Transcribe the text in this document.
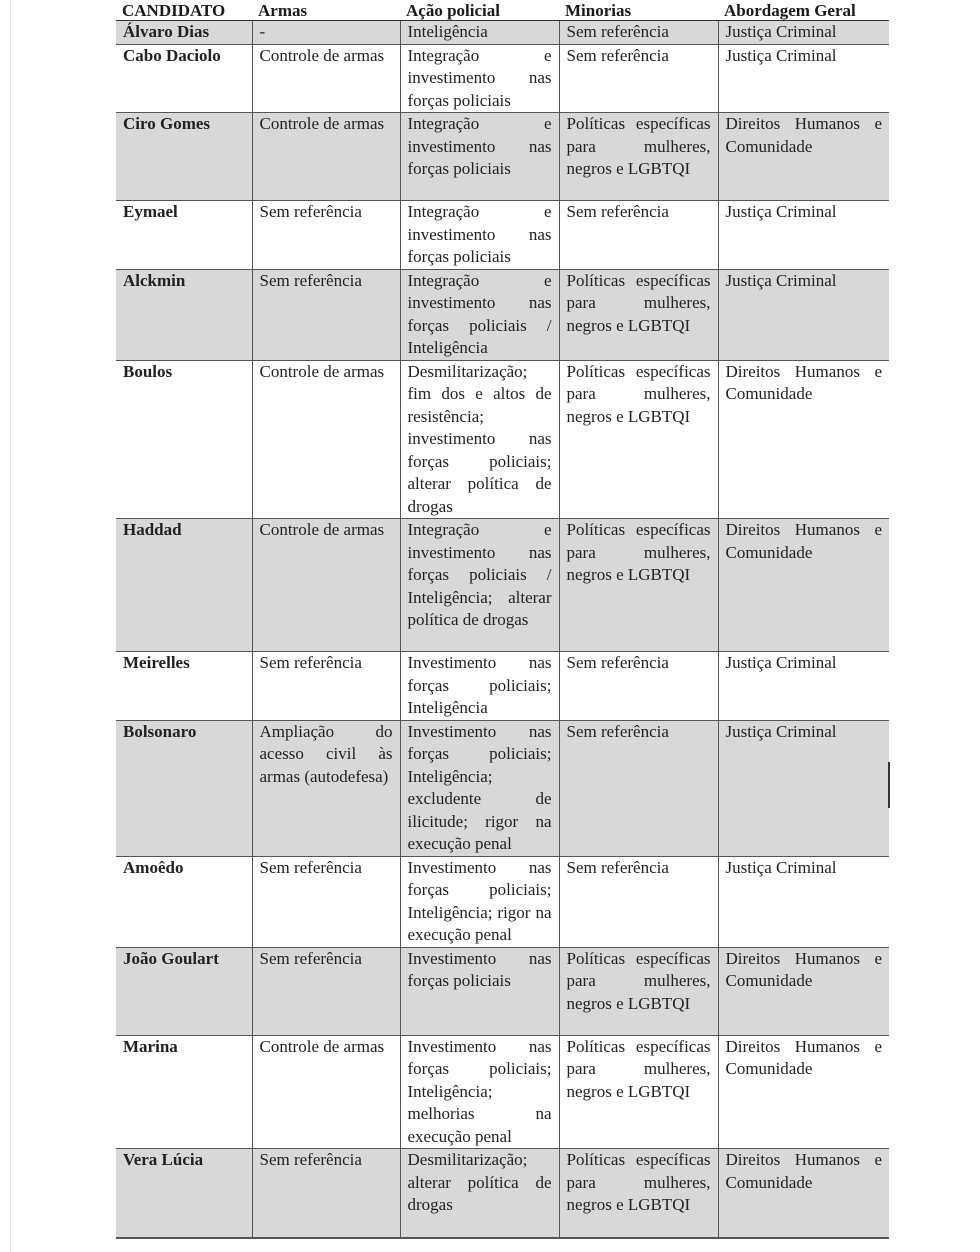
CANDIDATO	Armas	Ação policial	Minorias	Abordagem Geral
Álvaro Dias	-	Inteligência	Sem referência	Justiça Criminal
Cabo Daciolo	Controle de armas	Integração e investimento nas forças policiais	Sem referência	Justiça Criminal
Ciro Gomes	Controle de armas	Integração e investimento nas forças policiais	Políticas específicas para mulheres, negros e LGBTQI	Direitos Humanos e Comunidade
Eymael	Sem referência	Integração e investimento nas forças policiais	Sem referência	Justiça Criminal
Alckmin	Sem referência	Integração e investimento nas forças policiais / Inteligência	Políticas específicas para mulheres, negros e LGBTQI	Justiça Criminal
Boulos	Controle de armas	Desmilitarização; fim dos e altos de resistência; investimento nas forças policiais; alterar política de drogas	Políticas específicas para mulheres, negros e LGBTQI	Direitos Humanos e Comunidade
Haddad	Controle de armas	Integração e investimento nas forças policiais / Inteligência; alterar política de drogas	Políticas específicas para mulheres, negros e LGBTQI	Direitos Humanos e Comunidade
Meirelles	Sem referência	Investimento nas forças policiais; Inteligência	Sem referência	Justiça Criminal
Bolsonaro	Ampliação do acesso civil às armas (autodefesa)	Investimento nas forças policiais; Inteligência; excludente de ilicitude; rigor na execução penal	Sem referência	Justiça Criminal
Amoêdo	Sem referência	Investimento nas forças policiais; Inteligência; rigor na execução penal	Sem referência	Justiça Criminal
João Goulart	Sem referência	Investimento nas forças policiais	Políticas específicas para mulheres, negros e LGBTQI	Direitos Humanos e Comunidade
Marina	Controle de armas	Investimento nas forças policiais; Inteligência; melhorias na execução penal	Políticas específicas para mulheres, negros e LGBTQI	Direitos Humanos e Comunidade
Vera Lúcia	Sem referência	Desmilitarização; alterar política de drogas	Políticas específicas para mulheres, negros e LGBTQI	Direitos Humanos e Comunidade
